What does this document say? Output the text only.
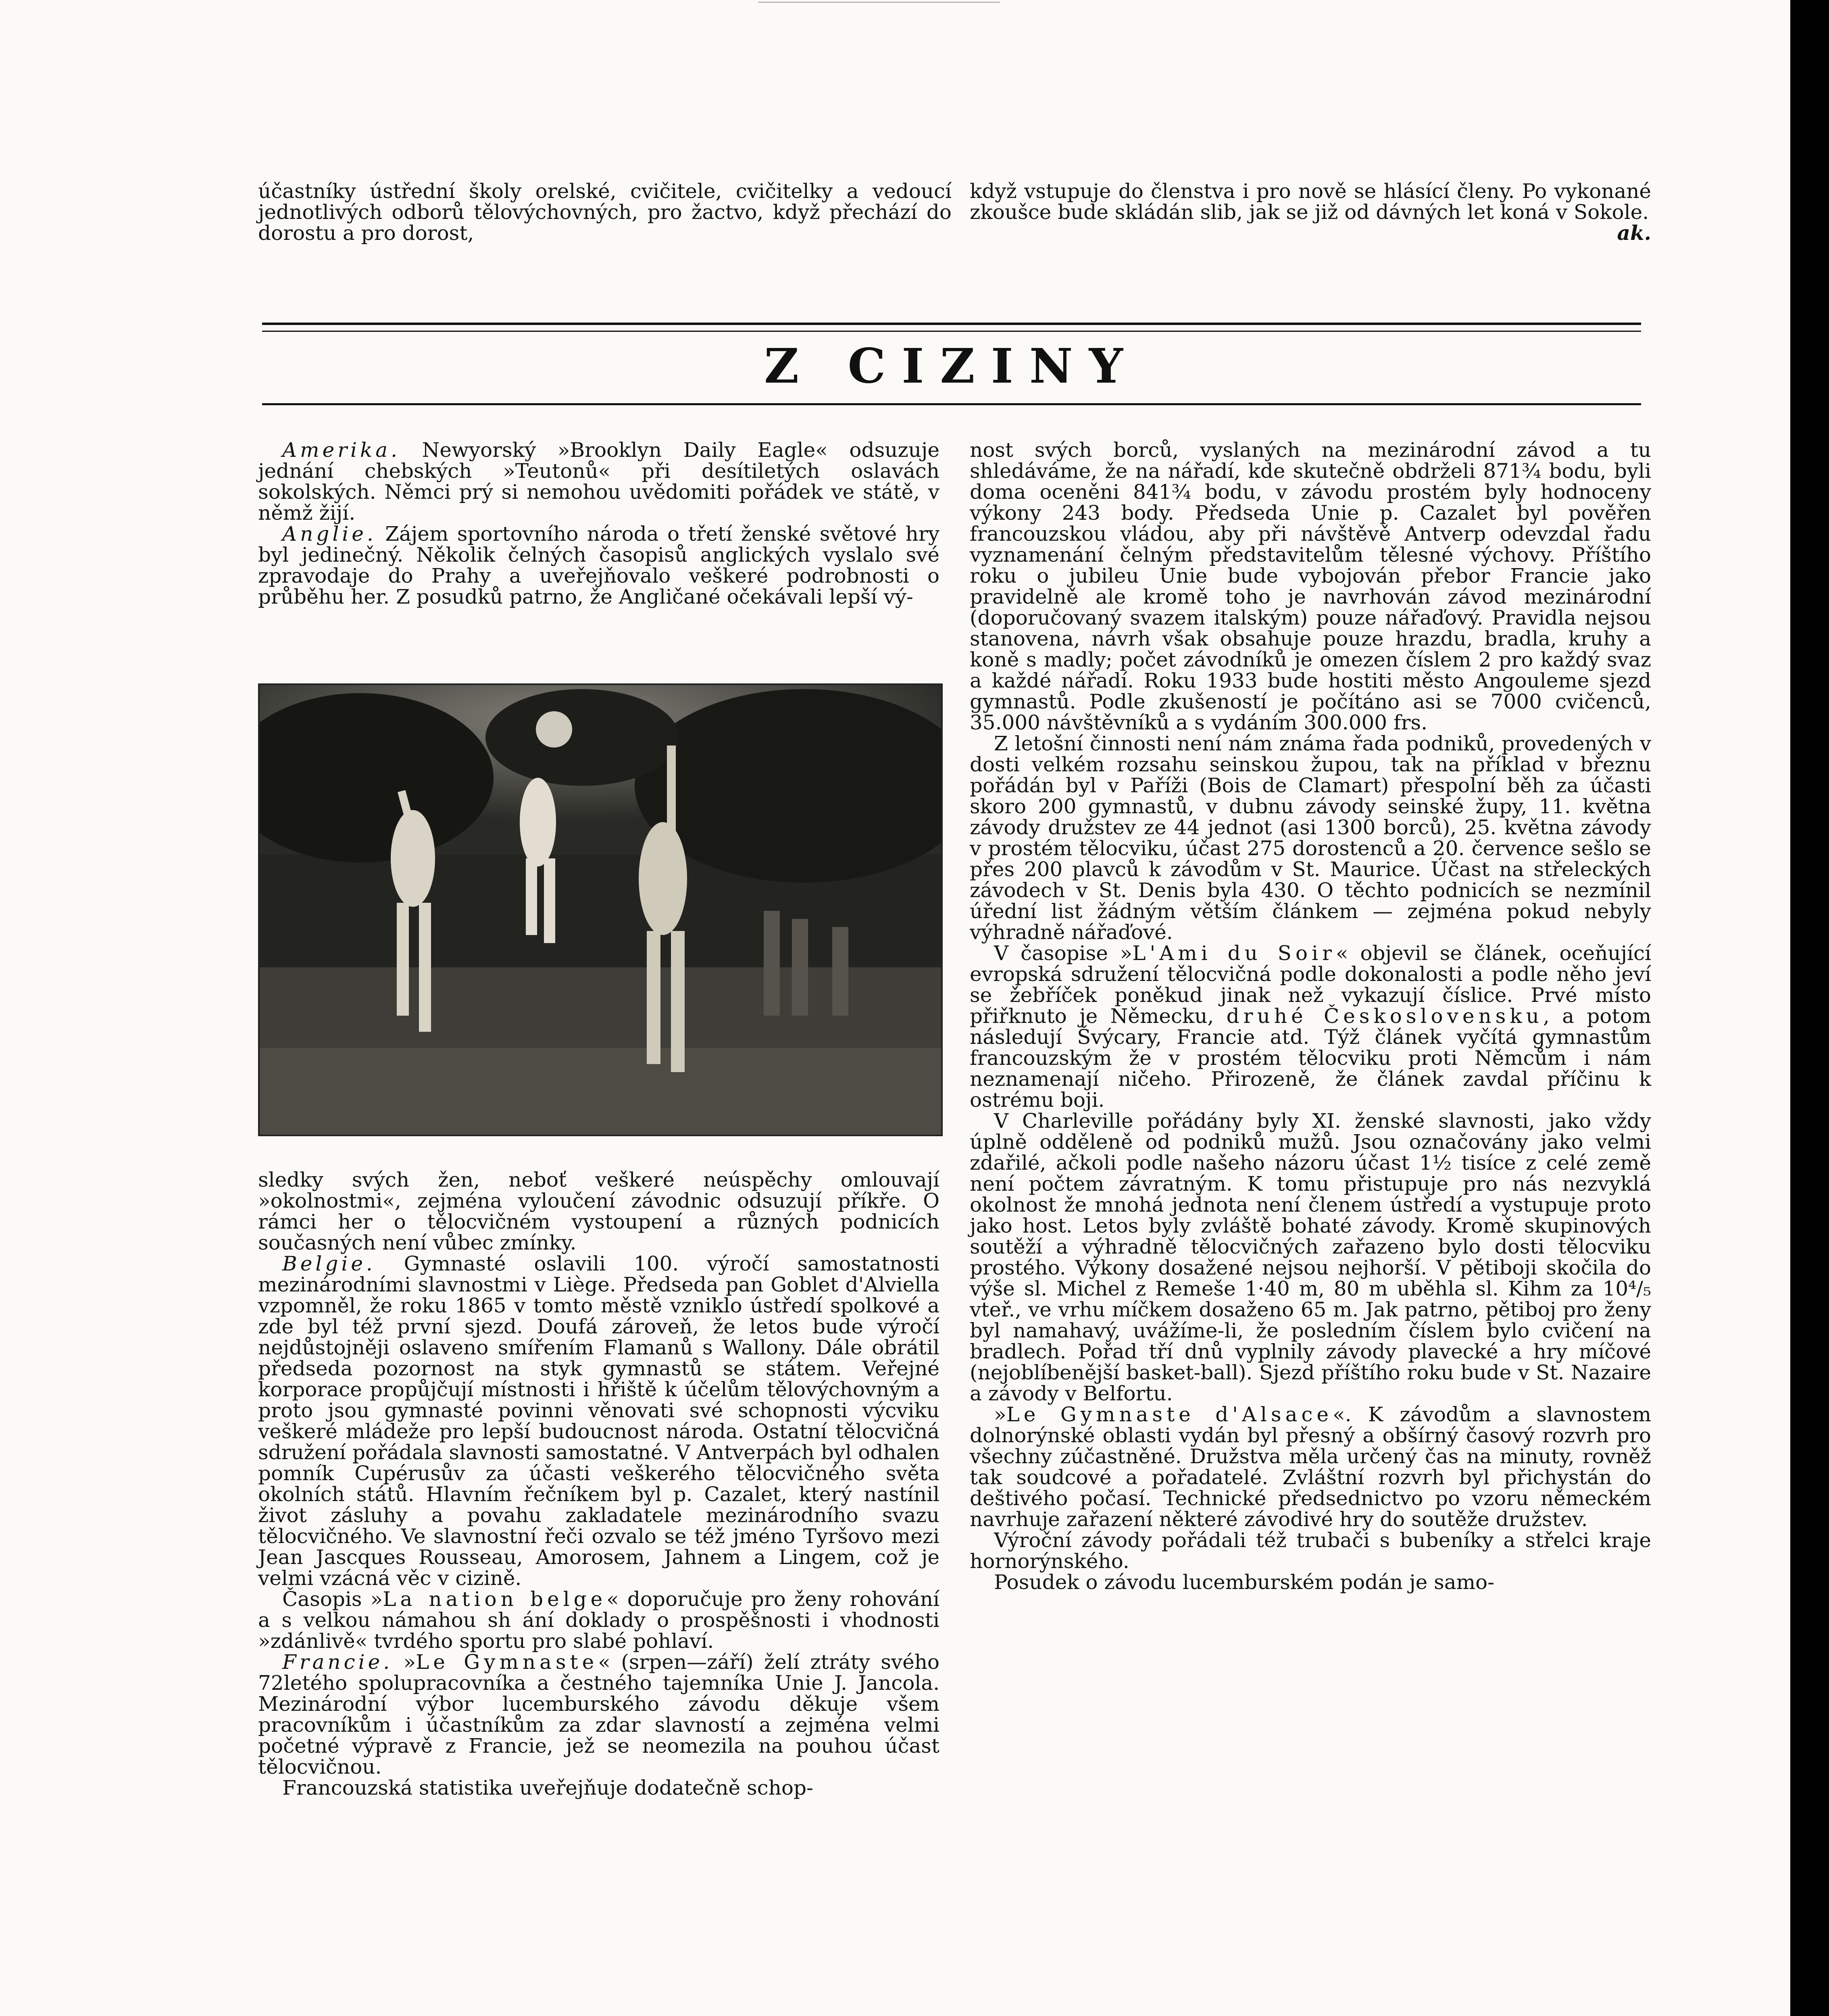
účastníky ústřední školy orelské, cvičitele, cvičitelky a vedoucí jednotlivých odborů tělovýchovných, pro žactvo, když přechází do dorostu a pro dorost,

když vstupuje do členstva i pro nově se hlásící členy. Po vykonané zkoušce bude skládán slib, jak se již od dávných let koná v Sokole.
ak.

Z CIZINY

Amerika. Newyorský »Brooklyn Daily Eagle« odsuzuje jednání chebských »Teutonů« při desítiletých oslavách sokolských. Němci prý si nemohou uvědomiti pořádek ve státě, v němž žijí.

Anglie. Zájem sportovního národa o třetí ženské světové hry byl jedinečný. Několik čelných časopisů anglických vyslalo své zpravodaje do Prahy a uveřejňovalo veškeré podrobnosti o průběhu her. Z posudků patrno, že Angličané očekávali lepší vý-

sledky svých žen, neboť veškeré neúspěchy omlouvají »okolnostmi«, zejména vyloučení závodnic odsuzují příkře. O rámci her o tělocvičném vystoupení a různých podnicích současných není vůbec zmínky.

Belgie. Gymnasté oslavili 100. výročí samostatnosti mezinárodními slavnostmi v Liège. Předseda pan Goblet d'Alviella vzpomněl, že roku 1865 v tomto městě vzniklo ústředí spolkové a zde byl též první sjezd. Doufá zároveň, že letos bude výročí nejdůstojněji oslaveno smířením Flamanů s Wallony. Dále obrátil předseda pozornost na styk gymnastů se státem. Veřejné korporace propůjčují místnosti i hřiště k účelům tělovýchovným a proto jsou gymnasté povinni věnovati své schopnosti výcviku veškeré mládeže pro lepší budoucnost národa. Ostatní tělocvičná sdružení pořádala slavnosti samostatné. V Antverpách byl odhalen pomník Cupérusův za účasti veškerého tělocvičného světa okolních států. Hlavním řečníkem byl p. Cazalet, který nastínil život zásluhy a povahu zakladatele mezinárodního svazu tělocvičného. Ve slavnostní řeči ozvalo se též jméno Tyršovo mezi Jean Jascques Rousseau, Amorosem, Jahnem a Lingem, což je velmi vzácná věc v cizině.

Časopis »La nation belge« doporučuje pro ženy rohování a s velkou námahou sh ání doklady o prospěšnosti i vhodnosti »zdánlivě« tvrdého sportu pro slabé pohlaví.

Francie. »Le Gymnaste« (srpen—září) želí ztráty svého 72letého spolupracovníka a čestného tajemníka Unie J. Jancola. Mezinárodní výbor lucemburského závodu děkuje všem pracovníkům i účastníkům za zdar slavností a zejména velmi početné výpravě z Francie, jež se neomezila na pouhou účast tělocvičnou.

Francouzská statistika uveřejňuje dodatečně schop-

nost svých borců, vyslaných na mezinárodní závod a tu shledáváme, že na nářadí, kde skutečně obdrželi 871¾ bodu, byli doma oceněni 841¾ bodu, v závodu prostém byly hodnoceny výkony 243 body. Předseda Unie p. Cazalet byl pověřen francouzskou vládou, aby při návštěvě Antverp odevzdal řadu vyznamenání čelným představitelům tělesné výchovy. Příštího roku o jubileu Unie bude vybojován přebor Francie jako pravidelně ale kromě toho je navrhován závod mezinárodní (doporučovaný svazem italským) pouze nářaďový. Pravidla nejsou stanovena, návrh však obsahuje pouze hrazdu, bradla, kruhy a koně s madly; počet závodníků je omezen číslem 2 pro každý svaz a každé nářadí. Roku 1933 bude hostiti město Angouleme sjezd gymnastů. Podle zkušeností je počítáno asi se 7000 cvičenců, 35.000 návštěvníků a s vydáním 300.000 frs.

Z letošní činnosti není nám známa řada podniků, provedených v dosti velkém rozsahu seinskou župou, tak na příklad v březnu pořádán byl v Paříži (Bois de Clamart) přespolní běh za účasti skoro 200 gymnastů, v dubnu závody seinské župy, 11. května závody družstev ze 44 jednot (asi 1300 borců), 25. května závody v prostém tělocviku, účast 275 dorostenců a 20. července sešlo se přes 200 plavců k závodům v St. Maurice. Účast na střeleckých závodech v St. Denis byla 430. O těchto podnicích se nezmínil úřední list žádným větším článkem — zejména pokud nebyly výhradně nářaďové.

V časopise »L'Ami du Soir« objevil se článek, oceňující evropská sdružení tělocvičná podle dokonalosti a podle něho jeví se žebříček poněkud jinak než vykazují číslice. Prvé místo přiřknuto je Německu, druhé Československu, a potom následují Švýcary, Francie atd. Týž článek vyčítá gymnastům francouzským že v prostém tělocviku proti Němcům i nám neznamenají ničeho. Přirozeně, že článek zavdal příčinu k ostrému boji.

V Charleville pořádány byly XI. ženské slavnosti, jako vždy úplně odděleně od podniků mužů. Jsou označovány jako velmi zdařilé, ačkoli podle našeho názoru účast 1½ tisíce z celé země není počtem závratným. K tomu přistupuje pro nás nezvyklá okolnost že mnohá jednota není členem ústředí a vystupuje proto jako host. Letos byly zvláště bohaté závody. Kromě skupinových soutěží a výhradně tělocvičných zařazeno bylo dosti tělocviku prostého. Výkony dosažené nejsou nejhorší. V pětiboji skočila do výše sl. Michel z Remeše 1·40 m, 80 m uběhla sl. Kihm za 10⁴/₅ vteř., ve vrhu míčkem dosaženo 65 m. Jak patrno, pětiboj pro ženy byl namahavý, uvážíme-li, že posledním číslem bylo cvičení na bradlech. Pořad tří dnů vyplnily závody plavecké a hry míčové (nejoblíbenější basket-ball). Sjezd příštího roku bude v St. Nazaire a závody v Belfortu.

»Le Gymnaste d'Alsace«. K závodům a slavnostem dolnorýnské oblasti vydán byl přesný a obšírný časový rozvrh pro všechny zúčastněné. Družstva měla určený čas na minuty, rovněž tak soudcové a pořadatelé. Zvláštní rozvrh byl přichystán do deštivého počasí. Technické předsednictvo po vzoru německém navrhuje zařazení některé závodivé hry do soutěže družstev.

Výroční závody pořádali též trubači s bubeníky a střelci kraje hornorýnského.

Posudek o závodu lucemburském podán je samo-
